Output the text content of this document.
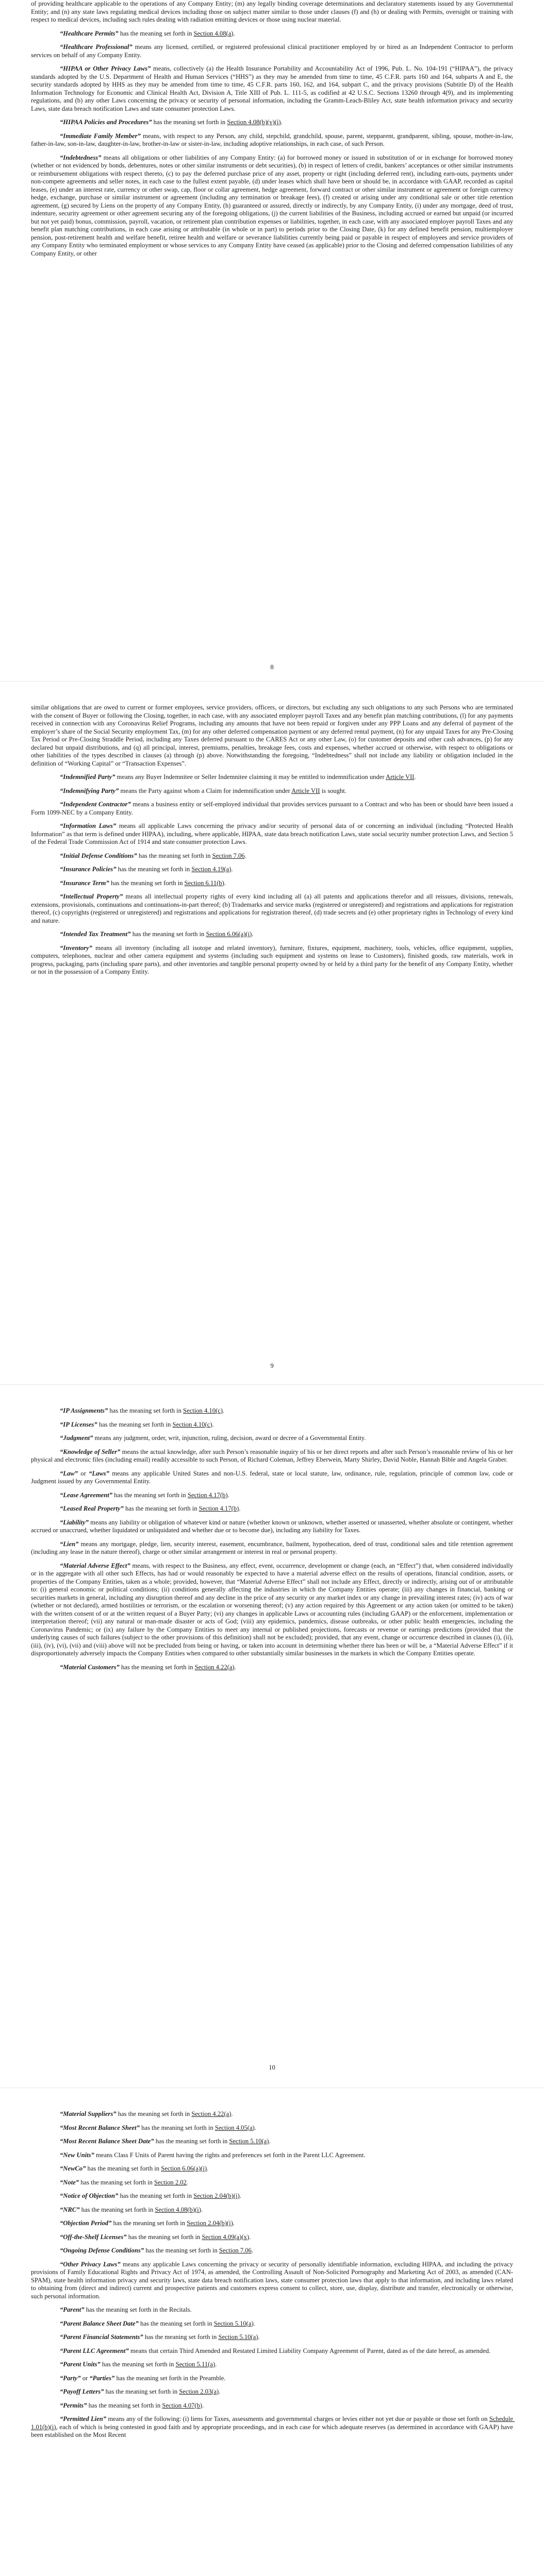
of providing healthcare applicable to the operations of any Company Entity; (m) any legally binding coverage determinations and declaratory statements issued by any Governmental Entity; and (n) any state laws regulating medical devices including those on subject matter similar to those under clauses (f) and (h) or dealing with Permits, oversight or training with respect to medical devices, including such rules dealing with radiation emitting devices or those using nuclear material.

“Healthcare Permits” has the meaning set forth in Section 4.08(a).

“Healthcare Professional” means any licensed, certified, or registered professional clinical practitioner employed by or hired as an Independent Contractor to perform services on behalf of any Company Entity.

“HIPAA or Other Privacy Laws” means, collectively (a) the Health Insurance Portability and Accountability Act of 1996, Pub. L. No. 104-191 (“HIPAA”), the privacy standards adopted by the U.S. Department of Health and Human Services (“HHS”) as they may be amended from time to time, 45 C.F.R. parts 160 and 164, subparts A and E, the security standards adopted by HHS as they may be amended from time to time, 45 C.F.R. parts 160, 162, and 164, subpart C, and the privacy provisions (Subtitle D) of the Health Information Technology for Economic and Clinical Health Act, Division A, Title XIII of Pub. L. 111-5, as codified at 42 U.S.C. Sections 13260 through 4(9), and its implementing regulations, and (b) any other Laws concerning the privacy or security of personal information, including the Gramm-Leach-Bliley Act, state health information privacy and security Laws, state data breach notification Laws and state consumer protection Laws.

“HIPAA Policies and Procedures” has the meaning set forth in Section 4.08(b)(v)(i).

“Immediate Family Member” means, with respect to any Person, any child, stepchild, grandchild, spouse, parent, stepparent, grandparent, sibling, spouse, mother-in-law, father-in-law, son-in-law, daughter-in-law, brother-in-law or sister-in-law, including adoptive relationships, in each case, of such Person.

“Indebtedness” means all obligations or other liabilities of any Company Entity: (a) for borrowed money or issued in substitution of or in exchange for borrowed money (whether or not evidenced by bonds, debentures, notes or other similar instruments or debt securities), (b) in respect of letters of credit, bankers’ acceptances or other similar instruments or reimbursement obligations with respect thereto, (c) to pay the deferred purchase price of any asset, property or right (including deferred rent), including earn-outs, payments under non-compete agreements and seller notes, in each case to the fullest extent payable, (d) under leases which shall have been or should be, in accordance with GAAP, recorded as capital leases, (e) under an interest rate, currency or other swap, cap, floor or collar agreement, hedge agreement, forward contract or other similar instrument or agreement or foreign currency hedge, exchange, purchase or similar instrument or agreement (including any termination or breakage fees), (f) created or arising under any conditional sale or other title retention agreement, (g) secured by Liens on the property of any Company Entity, (h) guaranteed or assured, directly or indirectly, by any Company Entity, (i) under any mortgage, deed of trust, indenture, security agreement or other agreement securing any of the foregoing obligations, (j) the current liabilities of the Business, including accrued or earned but unpaid (or incurred but not yet paid) bonus, commission, payroll, vacation, or retirement plan contribution expenses or liabilities, together, in each case, with any associated employer payroll Taxes and any benefit plan matching contributions, in each case arising or attributable (in whole or in part) to periods prior to the Closing Date, (k) for any defined benefit pension, multiemployer pension, post-retirement health and welfare benefit, retiree health and welfare or severance liabilities currently being paid or payable in respect of employees and service providers of any Company Entity who terminated employment or whose services to any Company Entity have ceased (as applicable) prior to the Closing and deferred compensation liabilities of any Company Entity, or other

8

similar obligations that are owed to current or former employees, service providers, officers, or directors, but excluding any such obligations to any such Persons who are terminated with the consent of Buyer or following the Closing, together, in each case, with any associated employer payroll Taxes and any benefit plan matching contributions, (l) for any payments received in connection with any Coronavirus Relief Programs, including any amounts that have not been repaid or forgiven under any PPP Loans and any deferral of payment of the employer’s share of the Social Security employment Tax, (m) for any other deferred compensation payment or any deferred rental payment, (n) for any unpaid Taxes for any Pre-Closing Tax Period or Pre-Closing Straddle Period, including any Taxes deferred pursuant to the CARES Act or any other Law, (o) for customer deposits and other cash advances, (p) for any declared but unpaid distributions, and (q) all principal, interest, premiums, penalties, breakage fees, costs and expenses, whether accrued or otherwise, with respect to obligations or other liabilities of the types described in clauses (a) through (p) above. Notwithstanding the foregoing, “Indebtedness” shall not include any liability or obligation included in the definition of “Working Capital” or “Transaction Expenses”.

“Indemnified Party” means any Buyer Indemnitee or Seller Indemnitee claiming it may be entitled to indemnification under Article VII.

“Indemnifying Party” means the Party against whom a Claim for indemnification under Article VII is sought.

“Independent Contractor” means a business entity or self-employed individual that provides services pursuant to a Contract and who has been or should have been issued a Form 1099-NEC by a Company Entity.

“Information Laws” means all applicable Laws concerning the privacy and/or security of personal data of or concerning an individual (including “Protected Health Information” as that term is defined under HIPAA), including, where applicable, HIPAA, state data breach notification Laws, state social security number protection Laws, and Section 5 of the Federal Trade Commission Act of 1914 and state consumer protection Laws.

“Initial Defense Conditions” has the meaning set forth in Section 7.06.

“Insurance Policies” has the meaning set forth in Section 4.19(a).

“Insurance Term” has the meaning set forth in Section 6.11(b).

“Intellectual Property” means all intellectual property rights of every kind including all (a) all patents and applications therefor and all reissues, divisions, renewals, extensions, provisionals, continuations and continuations-in-part thereof; (b) Trademarks and service marks (registered or unregistered) and registrations and applications for registration thereof, (c) copyrights (registered or unregistered) and registrations and applications for registration thereof, (d) trade secrets and (e) other proprietary rights in Technology of every kind and nature.

“Intended Tax Treatment” has the meaning set forth in Section 6.06(a)(i).

“Inventory” means all inventory (including all isotope and related inventory), furniture, fixtures, equipment, machinery, tools, vehicles, office equipment, supplies, computers, telephones, nuclear and other camera equipment and systems (including such equipment and systems on lease to Customers), finished goods, raw materials, work in progress, packaging, parts (including spare parts), and other inventories and tangible personal property owned by or held by a third party for the benefit of any Company Entity, whether or not in the possession of a Company Entity.

9

“IP Assignments” has the meaning set forth in Section 4.10(c).

“IP Licenses” has the meaning set forth in Section 4.10(c).

“Judgment” means any judgment, order, writ, injunction, ruling, decision, award or decree of a Governmental Entity.

“Knowledge of Seller” means the actual knowledge, after such Person’s reasonable inquiry of his or her direct reports and after such Person’s reasonable review of his or her physical and electronic files (including email) readily accessible to such Person, of Richard Coleman, Jeffrey Eberwein, Marty Shirley, David Noble, Hannah Bible and Angela Graber.

“Law” or “Laws” means any applicable United States and non-U.S. federal, state or local statute, law, ordinance, rule, regulation, principle of common law, code or Judgment issued by any Governmental Entity.

“Lease Agreement” has the meaning set forth in Section 4.17(b).

“Leased Real Property” has the meaning set forth in Section 4.17(b).

“Liability” means any liability or obligation of whatever kind or nature (whether known or unknown, whether asserted or unasserted, whether absolute or contingent, whether accrued or unaccrued, whether liquidated or unliquidated and whether due or to become due), including any liability for Taxes.

“Lien” means any mortgage, pledge, lien, security interest, easement, encumbrance, bailment, hypothecation, deed of trust, conditional sales and title retention agreement (including any lease in the nature thereof), charge or other similar arrangement or interest in real or personal property.

“Material Adverse Effect” means, with respect to the Business, any effect, event, occurrence, development or change (each, an “Effect”) that, when considered individually or in the aggregate with all other such Effects, has had or would reasonably be expected to have a material adverse effect on the results of operations, financial condition, assets, or properties of the Company Entities, taken as a whole; provided, however, that “Material Adverse Effect” shall not include any Effect, directly or indirectly, arising out of or attributable to: (i) general economic or political conditions; (ii) conditions generally affecting the industries in which the Company Entities operate; (iii) any changes in financial, banking or securities markets in general, including any disruption thereof and any decline in the price of any security or any market index or any change in prevailing interest rates; (iv) acts of war (whether or not declared), armed hostilities or terrorism, or the escalation or worsening thereof; (v) any action required by this Agreement or any action taken (or omitted to be taken) with the written consent of or at the written request of a Buyer Party; (vi) any changes in applicable Laws or accounting rules (including GAAP) or the enforcement, implementation or interpretation thereof; (vii) any natural or man-made disaster or acts of God; (viii) any epidemics, pandemics, disease outbreaks, or other public health emergencies, including the Coronavirus Pandemic; or (ix) any failure by the Company Entities to meet any internal or published projections, forecasts or revenue or earnings predictions (provided that the underlying causes of such failures (subject to the other provisions of this definition) shall not be excluded); provided, that any event, change or occurrence described in clauses (i), (ii), (iii), (iv), (vi), (vii) and (viii) above will not be precluded from being or having, or taken into account in determining whether there has been or will be, a “Material Adverse Effect” if it disproportionately adversely impacts the Company Entities when compared to other substantially similar businesses in the markets in which the Company Entities operate.

“Material Customers” has the meaning set forth in Section 4.22(a).

10

“Material Suppliers” has the meaning set forth in Section 4.22(a).

“Most Recent Balance Sheet” has the meaning set forth in Section 4.05(a).

“Most Recent Balance Sheet Date” has the meaning set forth in Section 5.10(a).

“New Units” means Class F Units of Parent having the rights and preferences set forth in the Parent LLC Agreement.

“NewCo” has the meaning set forth in Section 6.06(a)(i).

“Note” has the meaning set forth in Section 2.02.

“Notice of Objection” has the meaning set forth in Section 2.04(b)(i).

“NRC” has the meaning set forth in Section 4.08(b)(i).

“Objection Period” has the meaning set forth in Section 2.04(b)(i).

“Off-the-Shelf Licenses” has the meaning set forth in Section 4.09(a)(x).

“Ongoing Defense Conditions” has the meaning set forth in Section 7.06.

“Other Privacy Laws” means any applicable Laws concerning the privacy or security of personally identifiable information, excluding HIPAA, and including the privacy provisions of Family Educational Rights and Privacy Act of 1974, as amended, the Controlling Assault of Non-Solicited Pornography and Marketing Act of 2003, as amended (CAN-SPAM), state health information privacy and security laws, state data breach notification laws, state consumer protection laws that apply to that information, and including laws related to obtaining from (direct and indirect) current and prospective patients and customers express consent to collect, store, use, display, distribute and transfer, electronically or otherwise, such personal information.

“Parent” has the meaning set forth in the Recitals.

“Parent Balance Sheet Date” has the meaning set forth in Section 5.10(a).

“Parent Financial Statements” has the meaning set forth in Section 5.10(a).

“Parent LLC Agreement” means that certain Third Amended and Restated Limited Liability Company Agreement of Parent, dated as of the date hereof, as amended.

“Parent Units” has the meaning set forth in Section 5.11(a).

“Party” or “Parties” has the meaning set forth in the Preamble.

“Payoff Letters” has the meaning set forth in Section 2.03(a).

“Permits” has the meaning set forth in Section 4.07(b).

“Permitted Lien” means any of the following: (i) liens for Taxes, assessments and governmental charges or levies either not yet due or payable or those set forth on Schedule 1.01(b)(i), each of which is being contested in good faith and by appropriate proceedings, and in each case for which adequate reserves (as determined in accordance with GAAP) have been established on the Most Recent
